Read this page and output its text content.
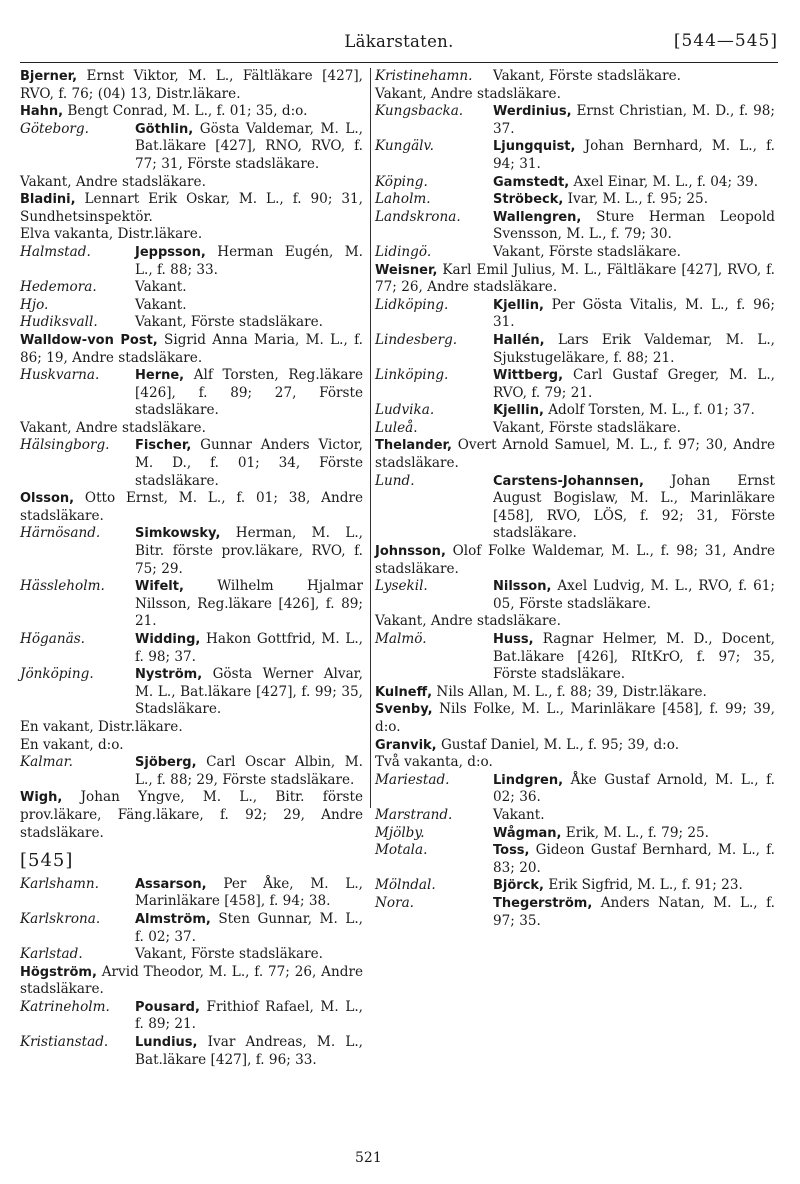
Läkarstaten.	[544—545]
Bjerner, Ernst Viktor, M. L., Fältläkare [427], RVO, f. 76; (04) 13, Distr.läkare.
Hahn, Bengt Conrad, M. L., f. 01; 35, d:o.
Göteborg.	Göthlin, Gösta Valdemar, M. L., Bat.läkare [427], RNO, RVO, f. 77; 31, Förste stadsläkare.
Vakant, Andre stadsläkare.
Bladini, Lennart Erik Oskar, M. L., f. 90; 31, Sundhetsinspektör.
Elva vakanta, Distr.läkare.
Halmstad.	Jeppsson, Herman Eugén, M. L., f. 88; 33.
Hedemora.	Vakant.
Hjo.	Vakant.
Hudiksvall.	Vakant, Förste stadsläkare.
Walldow-von Post, Sigrid Anna Maria, M. L., f. 86; 19, Andre stadsläkare.
Huskvarna.	Herne, Alf Torsten, Reg.läkare [426], f. 89; 27, Förste stadsläkare.
Vakant, Andre stadsläkare.
Hälsingborg.	Fischer, Gunnar Anders Victor, M. D., f. 01; 34, Förste stadsläkare.
Olsson, Otto Ernst, M. L., f. 01; 38, Andre stadsläkare.
Härnösand.	Simkowsky, Herman, M. L., Bitr. förste prov.läkare, RVO, f. 75; 29.
Hässleholm.	Wifelt, Wilhelm Hjalmar Nilsson, Reg.läkare [426], f. 89; 21.
Höganäs.	Widding, Hakon Gottfrid, M. L., f. 98; 37.
Jönköping.	Nyström, Gösta Werner Alvar, M. L., Bat.läkare [427], f. 99; 35, Stadsläkare.
En vakant, Distr.läkare.
En vakant, d:o.
Kalmar.	Sjöberg, Carl Oscar Albin, M. L., f. 88; 29, Förste stadsläkare.
Wigh, Johan Yngve, M. L., Bitr. förste prov.läkare, Fäng.läkare, f. 92; 29, Andre stadsläkare.
[545]
Karlshamn.	Assarson, Per Åke, M. L., Marinläkare [458], f. 94; 38.
Karlskrona.	Almström, Sten Gunnar, M. L., f. 02; 37.
Karlstad.	Vakant, Förste stadsläkare.
Högström, Arvid Theodor, M. L., f. 77; 26, Andre stadsläkare.
Katrineholm.	Pousard, Frithiof Rafael, M. L., f. 89; 21.
Kristianstad.	Lundius, Ivar Andreas, M. L., Bat.läkare [427], f. 96; 33.
Kristinehamn.	Vakant, Förste stadsläkare.
Vakant, Andre stadsläkare.
Kungsbacka.	Werdinius, Ernst Christian, M. D., f. 98; 37.
Kungälv.	Ljungquist, Johan Bernhard, M. L., f. 94; 31.
Köping.	Gamstedt, Axel Einar, M. L., f. 04; 39.
Laholm.	Ströbeck, Ivar, M. L., f. 95; 25.
Landskrona.	Wallengren, Sture Herman Leopold Svensson, M. L., f. 79; 30.
Lidingö.	Vakant, Förste stadsläkare.
Weisner, Karl Emil Julius, M. L., Fältläkare [427], RVO, f. 77; 26, Andre stadsläkare.
Lidköping.	Kjellin, Per Gösta Vitalis, M. L., f. 96; 31.
Lindesberg.	Hallén, Lars Erik Valdemar, M. L., Sjukstugeläkare, f. 88; 21.
Linköping.	Wittberg, Carl Gustaf Greger, M. L., RVO, f. 79; 21.
Ludvika.	Kjellin, Adolf Torsten, M. L., f. 01; 37.
Luleå.	Vakant, Förste stadsläkare.
Thelander, Overt Arnold Samuel, M. L., f. 97; 30, Andre stadsläkare.
Lund.	Carstens-Johannsen, Johan Ernst August Bogislaw, M. L., Marinläkare [458], RVO, LÖS, f. 92; 31, Förste stadsläkare.
Johnsson, Olof Folke Waldemar, M. L., f. 98; 31, Andre stadsläkare.
Lysekil.	Nilsson, Axel Ludvig, M. L., RVO, f. 61; 05, Förste stadsläkare.
Vakant, Andre stadsläkare.
Malmö.	Huss, Ragnar Helmer, M. D., Docent, Bat.läkare [426], RItKrO, f. 97; 35, Förste stadsläkare.
Kulneff, Nils Allan, M. L., f. 88; 39, Distr.läkare.
Svenby, Nils Folke, M. L., Marinläkare [458], f. 99; 39, d:o.
Granvik, Gustaf Daniel, M. L., f. 95; 39, d:o.
Två vakanta, d:o.
Mariestad.	Lindgren, Åke Gustaf Arnold, M. L., f. 02; 36.
Marstrand.	Vakant.
Mjölby.	Wågman, Erik, M. L., f. 79; 25.
Motala.	Toss, Gideon Gustaf Bernhard, M. L., f. 83; 20.
Mölndal.	Björck, Erik Sigfrid, M. L., f. 91; 23.
Nora.	Thegerström, Anders Natan, M. L., f. 97; 35.
521
